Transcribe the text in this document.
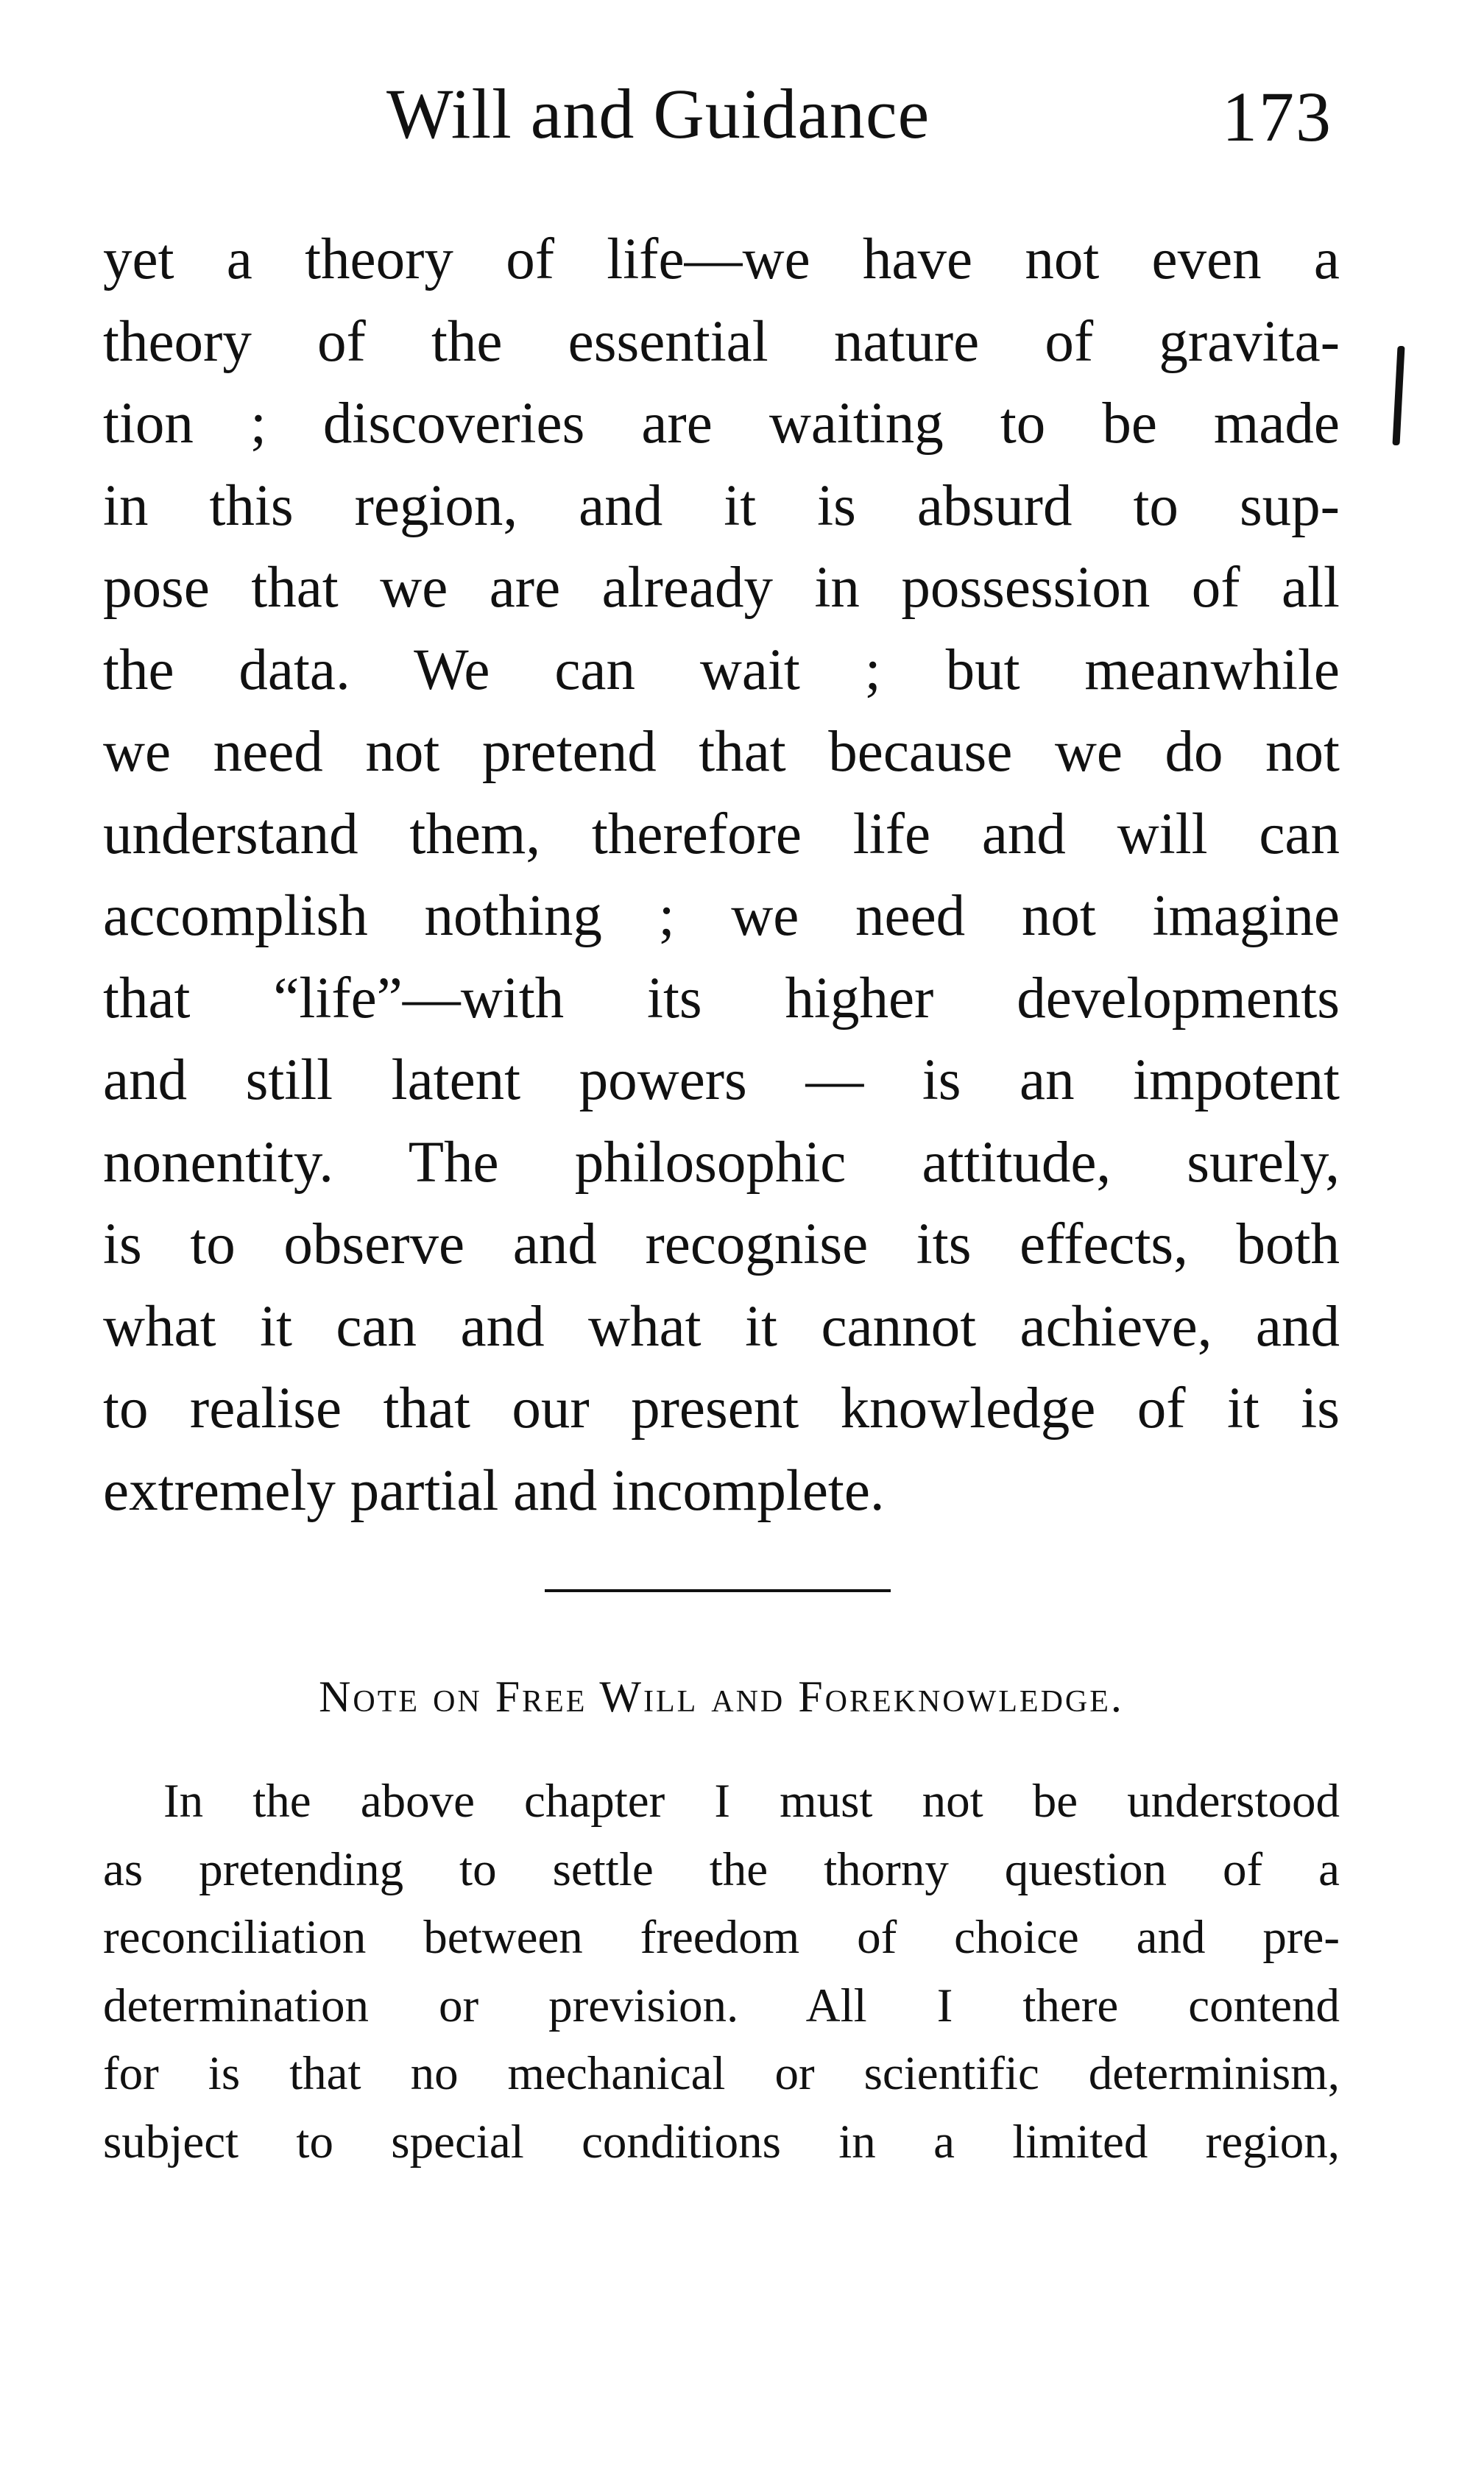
Will and Guidance	173
yet a theory of life—we have not even a
theory of the essential nature of gravita-
tion ; discoveries are waiting to be made
in this region, and it is absurd to sup-
pose that we are already in possession of all
the data. We can wait ; but meanwhile
we need not pretend that because we do not
understand them, therefore life and will can
accomplish nothing ; we need not imagine
that “life”—with its higher developments
and still latent powers — is an impotent
nonentity. The philosophic attitude, surely,
is to observe and recognise its effects, both
what it can and what it cannot achieve, and
to realise that our present knowledge of it is
extremely partial and incomplete.
Note on Free Will and Foreknowledge.
In the above chapter I must not be understood
as pretending to settle the thorny question of a
reconciliation between freedom of choice and pre-
determination or prevision. All I there contend
for is that no mechanical or scientific determinism,
subject to special conditions in a limited region,
